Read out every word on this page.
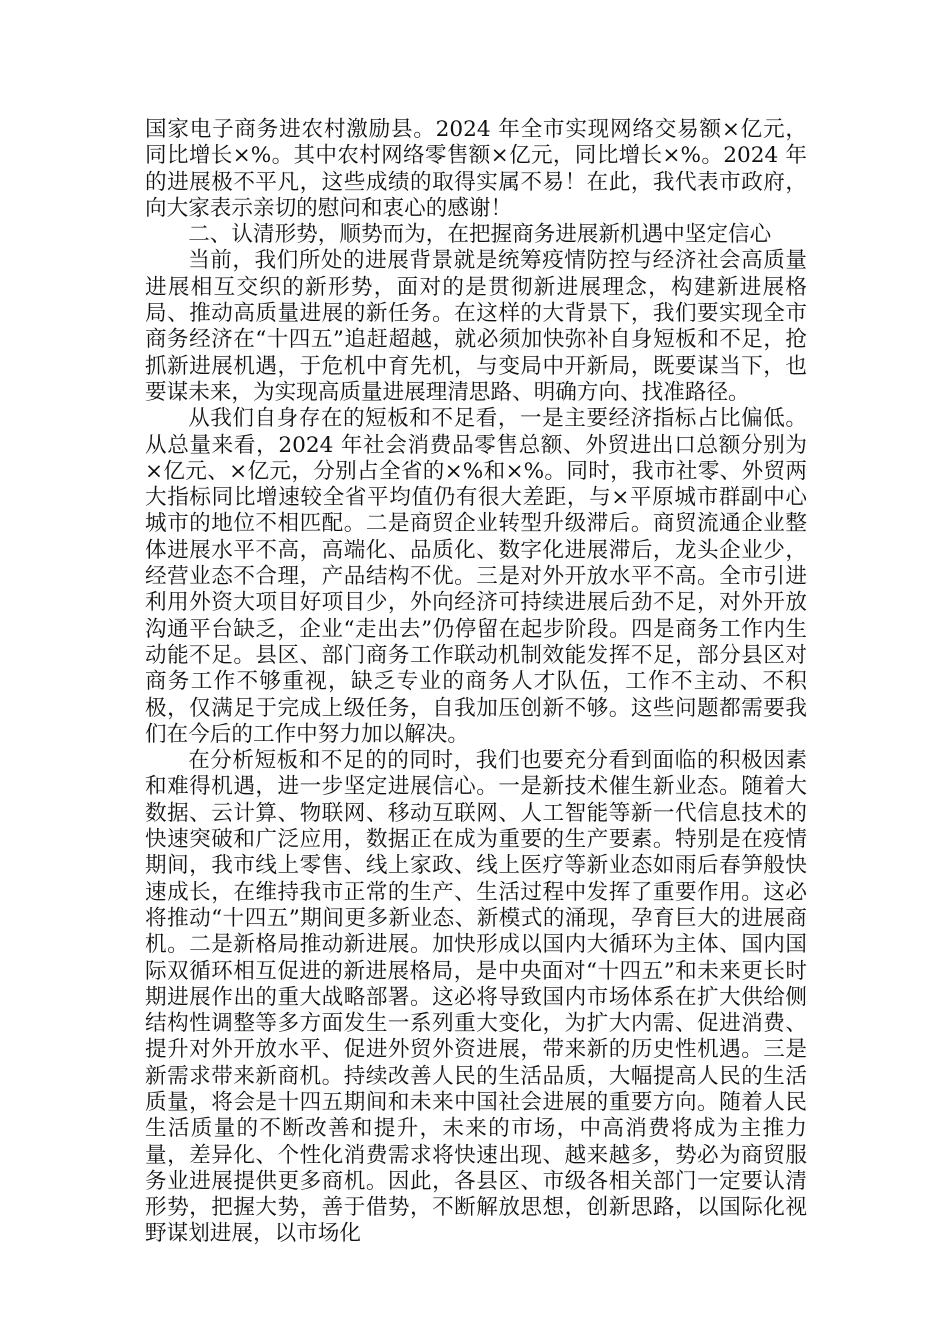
国家电子商务进农村激励县。2024 年全市实现网络交易额×亿元，同比增长×%。其中农村网络零售额×亿元，同比增长×%。2024 年的进展极不平凡，这些成绩的取得实属不易！在此，我代表市政府，向大家表示亲切的慰问和衷心的感谢！

二、认清形势，顺势而为，在把握商务进展新机遇中坚定信心

当前，我们所处的进展背景就是统筹疫情防控与经济社会高质量进展相互交织的新形势，面对的是贯彻新进展理念，构建新进展格局、推动高质量进展的新任务。在这样的大背景下，我们要实现全市商务经济在“十四五”追赶超越，就必须加快弥补自身短板和不足，抢抓新进展机遇，于危机中育先机，与变局中开新局，既要谋当下，也要谋未来，为实现高质量进展理清思路、明确方向、找准路径。

从我们自身存在的短板和不足看，一是主要经济指标占比偏低。从总量来看，2024 年社会消费品零售总额、外贸进出口总额分别为×亿元、×亿元，分别占全省的×%和×%。同时，我市社零、外贸两大指标同比增速较全省平均值仍有很大差距，与×平原城市群副中心城市的地位不相匹配。二是商贸企业转型升级滞后。商贸流通企业整体进展水平不高，高端化、品质化、数字化进展滞后，龙头企业少，经营业态不合理，产品结构不优。三是对外开放水平不高。全市引进利用外资大项目好项目少，外向经济可持续进展后劲不足，对外开放沟通平台缺乏，企业“走出去”仍停留在起步阶段。四是商务工作内生动能不足。县区、部门商务工作联动机制效能发挥不足，部分县区对商务工作不够重视，缺乏专业的商务人才队伍，工作不主动、不积极，仅满足于完成上级任务，自我加压创新不够。这些问题都需要我们在今后的工作中努力加以解决。

在分析短板和不足的的同时，我们也要充分看到面临的积极因素和难得机遇，进一步坚定进展信心。一是新技术催生新业态。随着大数据、云计算、物联网、移动互联网、人工智能等新一代信息技术的快速突破和广泛应用，数据正在成为重要的生产要素。特别是在疫情期间，我市线上零售、线上家政、线上医疗等新业态如雨后春笋般快速成长，在维持我市正常的生产、生活过程中发挥了重要作用。这必将推动“十四五”期间更多新业态、新模式的涌现，孕育巨大的进展商机。二是新格局推动新进展。加快形成以国内大循环为主体、国内国际双循环相互促进的新进展格局，是中央面对“十四五”和未来更长时期进展作出的重大战略部署。这必将导致国内市场体系在扩大供给侧结构性调整等多方面发生一系列重大变化，为扩大内需、促进消费、提升对外开放水平、促进外贸外资进展，带来新的历史性机遇。三是新需求带来新商机。持续改善人民的生活品质，大幅提高人民的生活质量，将会是十四五期间和未来中国社会进展的重要方向。随着人民生活质量的不断改善和提升，未来的市场，中高消费将成为主推力量，差异化、个性化消费需求将快速出现、越来越多，势必为商贸服务业进展提供更多商机。因此，各县区、市级各相关部门一定要认清形势，把握大势，善于借势，不断解放思想，创新思路，以国际化视野谋划进展，以市场化
